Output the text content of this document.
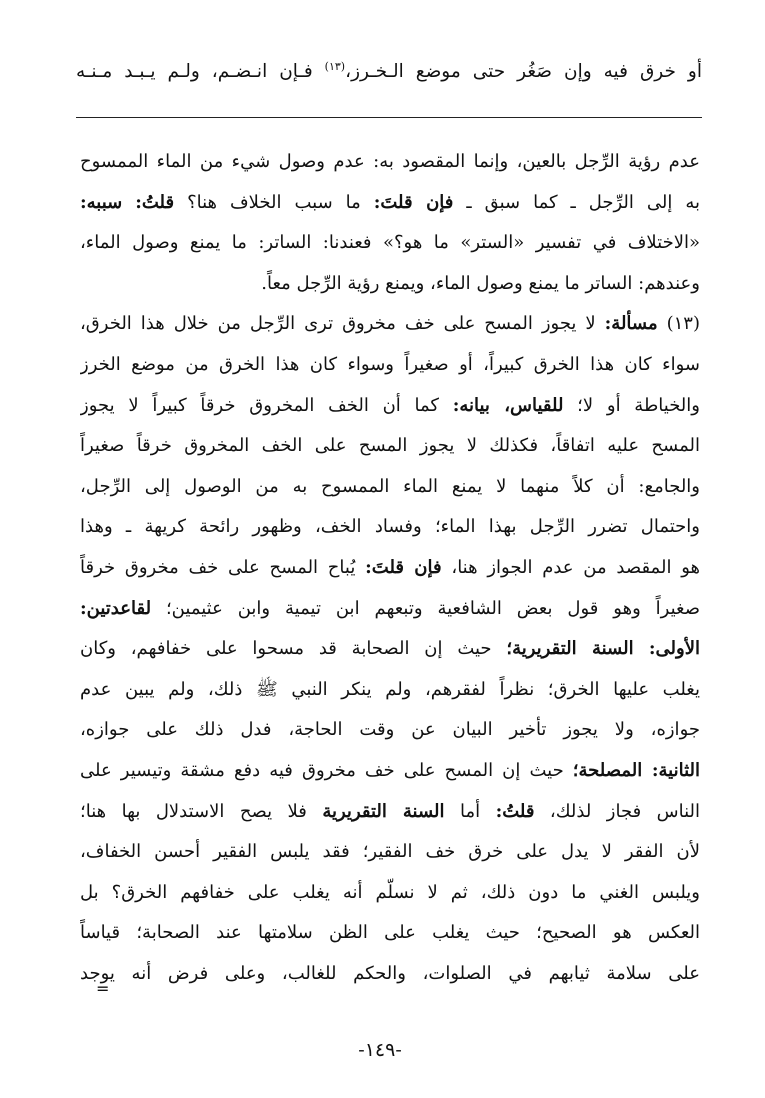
أو خرق فيه وإن صَغُر حتى موضع الـخـرز،$^{(١٣)}$ فـإن انـضـم، ولـم يـبـد مـنـه
عدم رؤية الرِّجل بالعين، وإنما المقصود به: عدم وصول شيء من الماء الممسوح
به إلى الرِّجل ـ كما سبق ـ فإن قلتَ: ما سبب الخلاف هنا؟ قلتُ: سببه:
«الاختلاف في تفسير «الستر» ما هو؟» فعندنا: الساتر: ما يمنع وصول الماء،
وعندهم: الساتر ما يمنع وصول الماء، ويمنع رؤية الرِّجل معاً.
(١٣) مسألة: لا يجوز المسح على خف مخروق ترى الرِّجل من خلال هذا الخرق،
سواء كان هذا الخرق كبيراً، أو صغيراً وسواء كان هذا الخرق من موضع الخرز
والخياطة أو لا؛ للقياس، بيانه: كما أن الخف المخروق خرقاً كبيراً لا يجوز
المسح عليه اتفاقاً، فكذلك لا يجوز المسح على الخف المخروق خرقاً صغيراً
والجامع: أن كلاً منهما لا يمنع الماء الممسوح به من الوصول إلى الرِّجل،
واحتمال تضرر الرِّجل بهذا الماء؛ وفساد الخف، وظهور رائحة كريهة ـ وهذا
هو المقصد من عدم الجواز هنا، فإن قلتَ: يُباح المسح على خف مخروق خرقاً
صغيراً وهو قول بعض الشافعية وتبعهم ابن تيمية وابن عثيمين؛ لقاعدتين:
الأولى: السنة التقريرية؛ حيث إن الصحابة قد مسحوا على خفافهم، وكان
يغلب عليها الخرق؛ نظراً لفقرهم، ولم ينكر النبي ﷺ ذلك، ولم يبين عدم
جوازه، ولا يجوز تأخير البيان عن وقت الحاجة، فدل ذلك على جوازه،
الثانية: المصلحة؛ حيث إن المسح على خف مخروق فيه دفع مشقة وتيسير على
الناس فجاز لذلك، قلتُ: أما السنة التقريرية فلا يصح الاستدلال بها هنا؛
لأن الفقر لا يدل على خرق خف الفقير؛ فقد يلبس الفقير أحسن الخفاف،
ويلبس الغني ما دون ذلك، ثم لا نسلّم أنه يغلب على خفافهم الخرق؟ بل
العكس هو الصحيح؛ حيث يغلب على الظن سلامتها عند الصحابة؛ قياساً
على سلامة ثيابهم في الصلوات، والحكم للغالب، وعلى فرض أنه يوجد
=
-١٤٩-
